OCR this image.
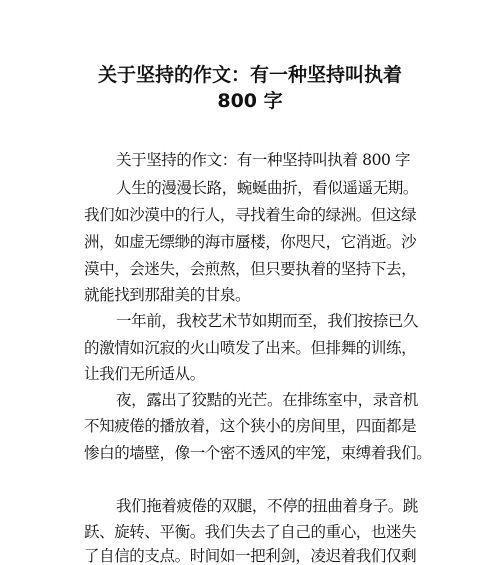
关于坚持的作文：有一种坚持叫执着
800 字
关于坚持的作文：有一种坚持叫执着 800 字
人生的漫漫长路，蜿蜒曲折，看似遥遥无期。
我们如沙漠中的行人，寻找着生命的绿洲。但这绿
洲，如虚无缥缈的海市蜃楼，你咫尺，它消逝。沙
漠中，会迷失，会煎熬，但只要执着的坚持下去，
就能找到那甜美的甘泉。
一年前，我校艺术节如期而至，我们按捺已久
的激情如沉寂的火山喷发了出来。但排舞的训练，
让我们无所适从。
夜，露出了狡黠的光芒。在排练室中，录音机
不知疲倦的播放着，这个狭小的房间里，四面都是
惨白的墙壁，像一个密不透风的牢笼，束缚着我们。
我们拖着疲倦的双腿，不停的扭曲着身子。跳
跃、旋转、平衡。我们失去了自己的重心，也迷失
了自信的支点。时间如一把利剑，凌迟着我们仅剩
